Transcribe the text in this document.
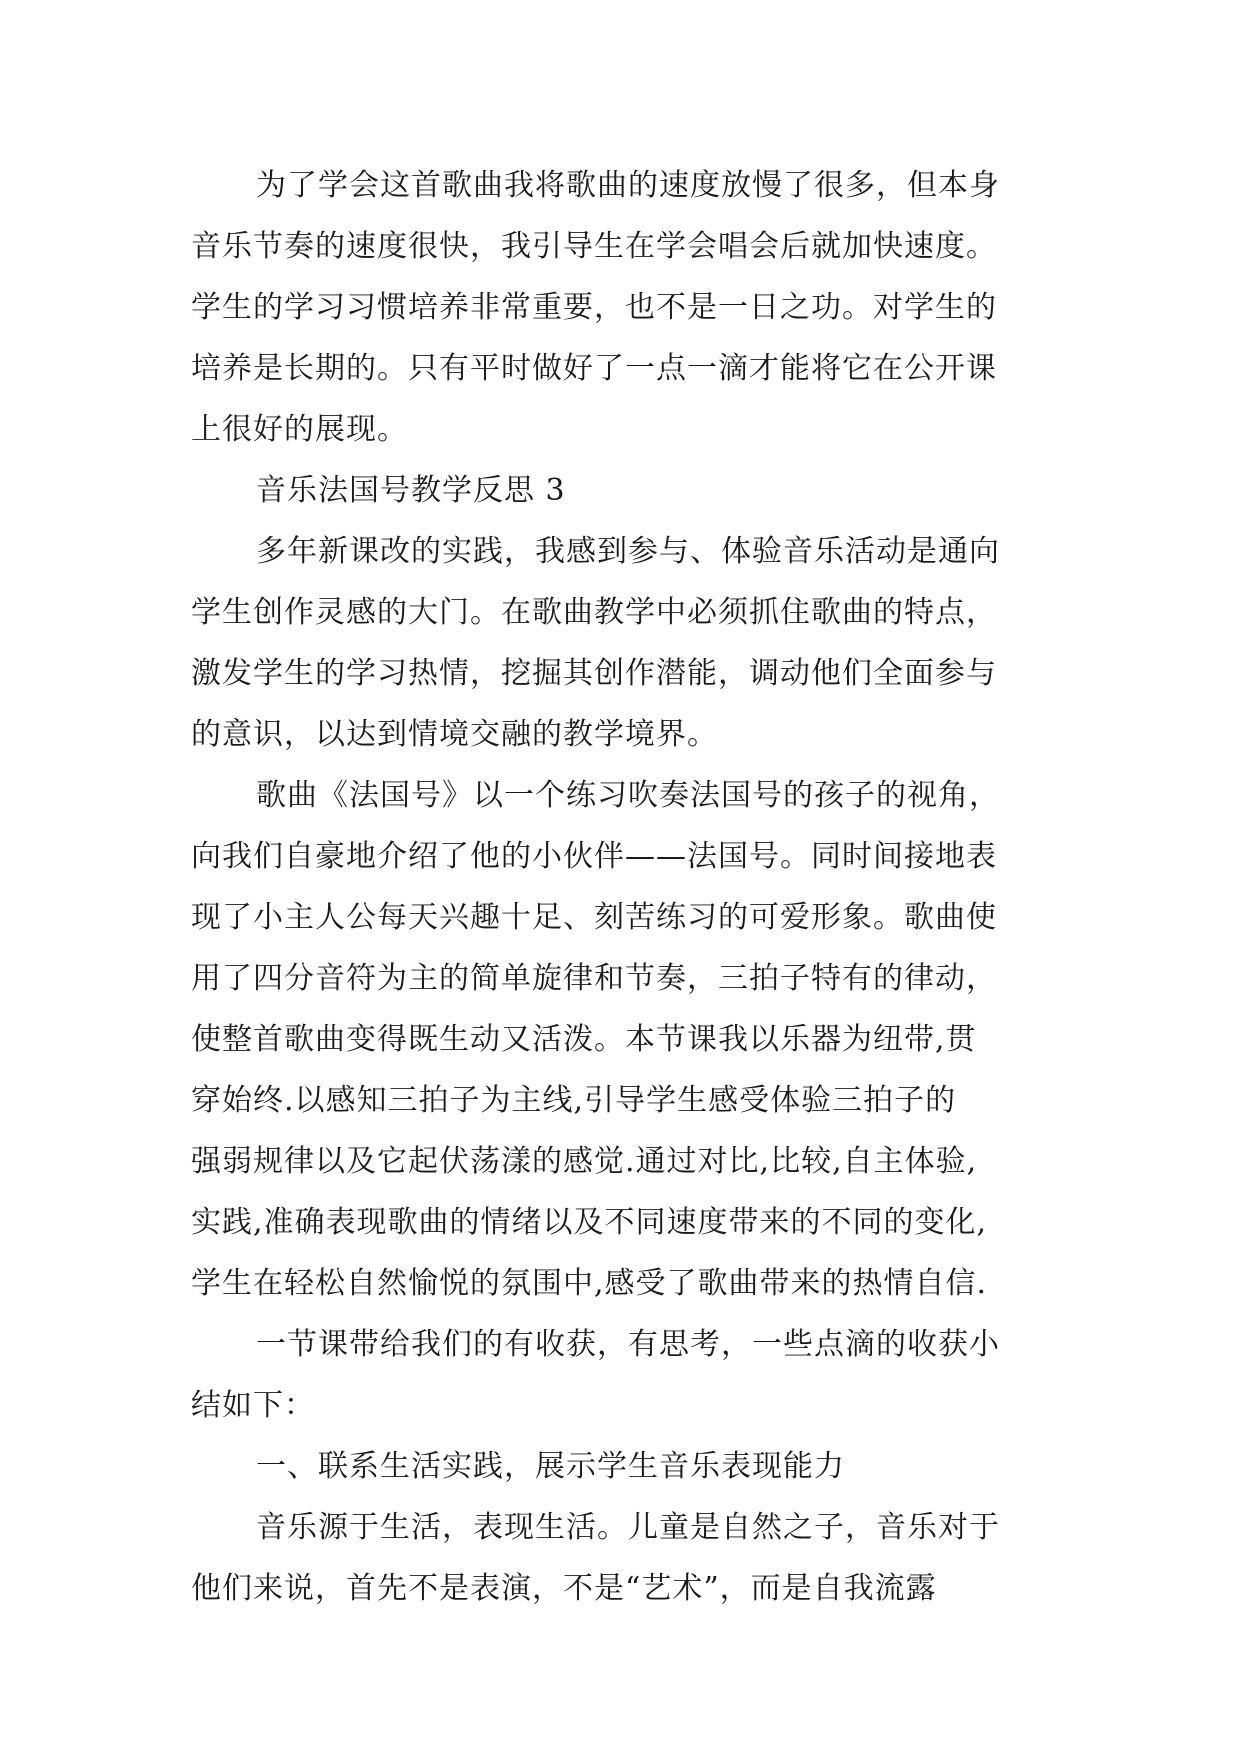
为了学会这首歌曲我将歌曲的速度放慢了很多，但本身
音乐节奏的速度很快，我引导生在学会唱会后就加快速度。
学生的学习习惯培养非常重要，也不是一日之功。对学生的
培养是长期的。只有平时做好了一点一滴才能将它在公开课
上很好的展现。
音乐法国号教学反思 3
多年新课改的实践，我感到参与、体验音乐活动是通向
学生创作灵感的大门。在歌曲教学中必须抓住歌曲的特点，
激发学生的学习热情，挖掘其创作潜能，调动他们全面参与
的意识，以达到情境交融的教学境界。
歌曲《法国号》以一个练习吹奏法国号的孩子的视角，
向我们自豪地介绍了他的小伙伴——法国号。同时间接地表
现了小主人公每天兴趣十足、刻苦练习的可爱形象。歌曲使
用了四分音符为主的简单旋律和节奏，三拍子特有的律动，
使整首歌曲变得既生动又活泼。本节课我以乐器为纽带,贯
穿始终.以感知三拍子为主线,引导学生感受体验三拍子的
强弱规律以及它起伏荡漾的感觉.通过对比,比较,自主体验,
实践,准确表现歌曲的情绪以及不同速度带来的不同的变化,
学生在轻松自然愉悦的氛围中,感受了歌曲带来的热情自信.
一节课带给我们的有收获，有思考，一些点滴的收获小
结如下：
一、联系生活实践，展示学生音乐表现能力
音乐源于生活，表现生活。儿童是自然之子，音乐对于
他们来说，首先不是表演，不是“艺术”，而是自我流露
